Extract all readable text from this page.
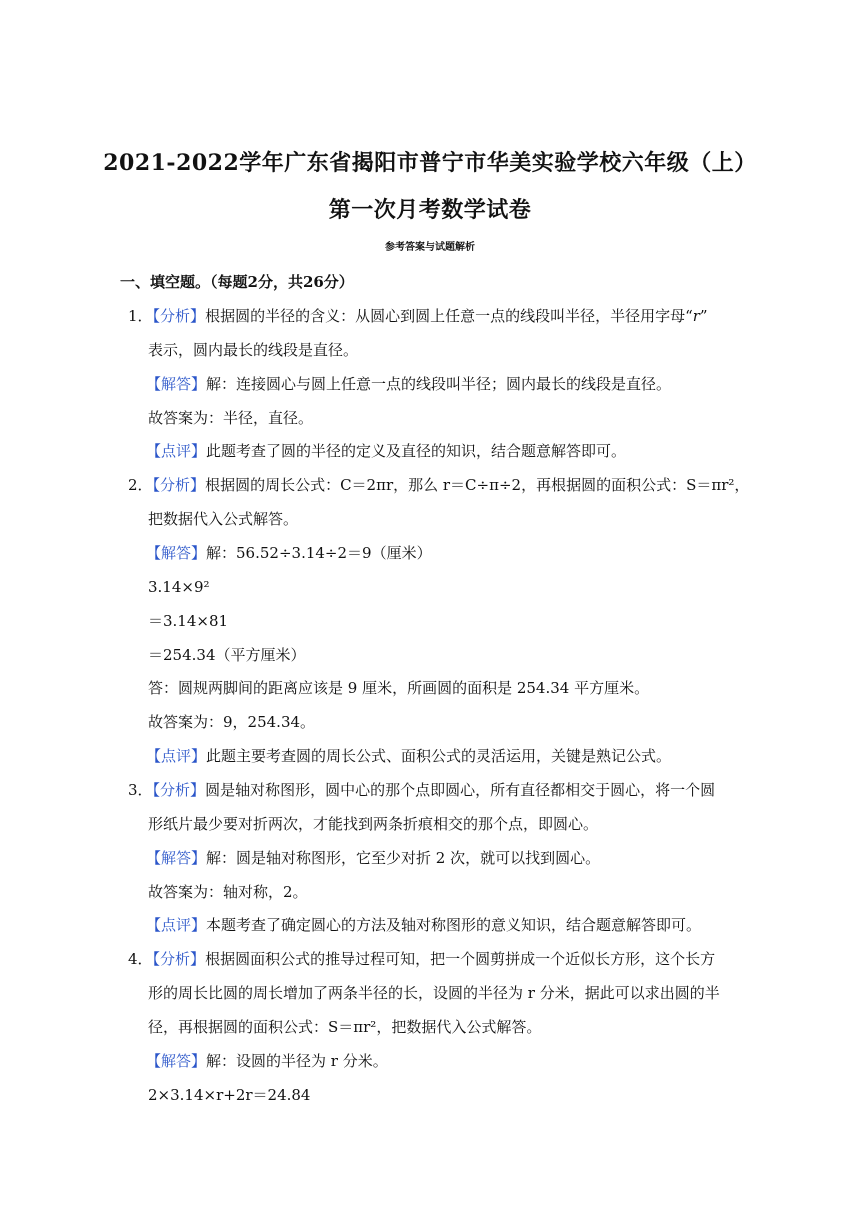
2021-2022学年广东省揭阳市普宁市华美实验学校六年级（上）
第一次月考数学试卷
参考答案与试题解析
一、填空题。（每题2分，共26分）
1．【分析】根据圆的半径的含义：从圆心到圆上任意一点的线段叫半径，半径用字母“r”
表示，圆内最长的线段是直径。
【解答】解：连接圆心与圆上任意一点的线段叫半径；圆内最长的线段是直径。
故答案为：半径，直径。
【点评】此题考查了圆的半径的定义及直径的知识，结合题意解答即可。
2．【分析】根据圆的周长公式：C＝2πr，那么 r＝C÷π÷2，再根据圆的面积公式：S＝πr²，
把数据代入公式解答。
【解答】解：56.52÷3.14÷2＝9（厘米）
3.14×9²
＝3.14×81
＝254.34（平方厘米）
答：圆规两脚间的距离应该是 9 厘米，所画圆的面积是 254.34 平方厘米。
故答案为：9，254.34。
【点评】此题主要考查圆的周长公式、面积公式的灵活运用，关键是熟记公式。
3．【分析】圆是轴对称图形，圆中心的那个点即圆心，所有直径都相交于圆心，将一个圆
形纸片最少要对折两次，才能找到两条折痕相交的那个点，即圆心。
【解答】解：圆是轴对称图形，它至少对折 2 次，就可以找到圆心。
故答案为：轴对称，2。
【点评】本题考查了确定圆心的方法及轴对称图形的意义知识，结合题意解答即可。
4．【分析】根据圆面积公式的推导过程可知，把一个圆剪拼成一个近似长方形，这个长方
形的周长比圆的周长增加了两条半径的长，设圆的半径为 r 分米，据此可以求出圆的半
径，再根据圆的面积公式：S＝πr²，把数据代入公式解答。
【解答】解：设圆的半径为 r 分米。
2×3.14×r+2r＝24.84
